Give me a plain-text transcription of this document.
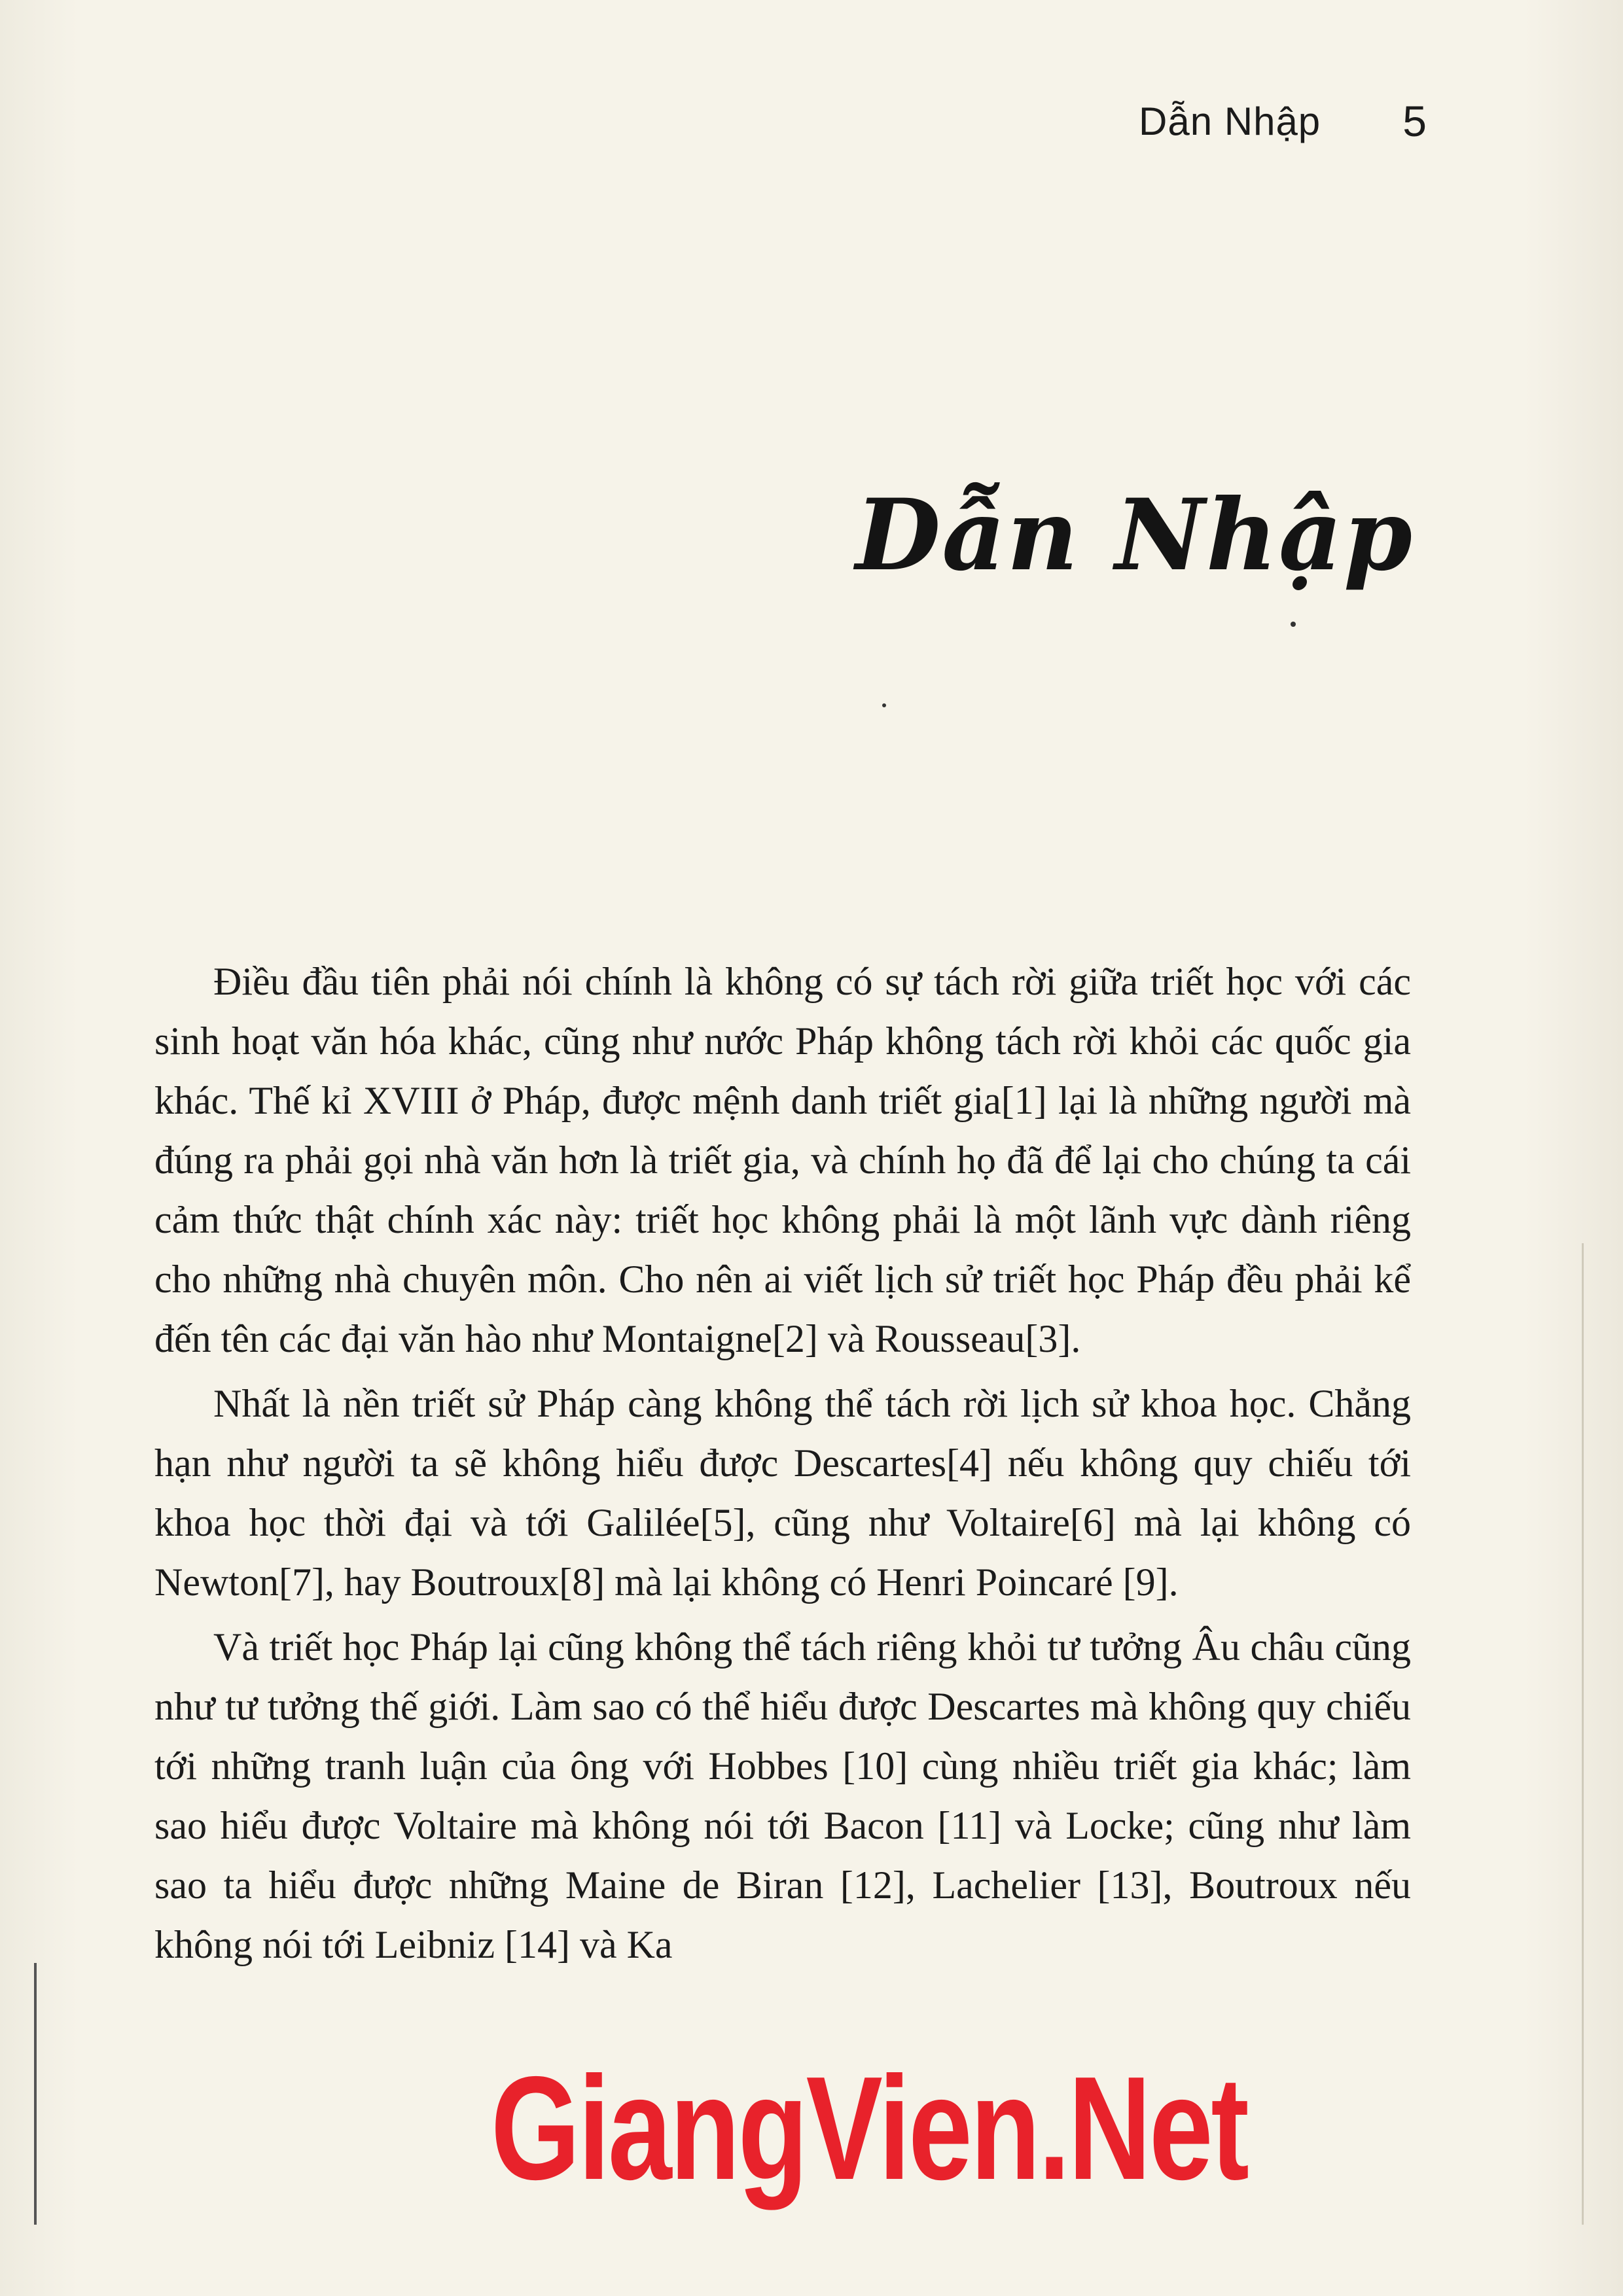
Dẫn Nhập 5
Dẫn Nhập

Điều đầu tiên phải nói chính là không có sự tách rời giữa triết học với các sinh hoạt văn hóa khác, cũng như nước Pháp không tách rời khỏi các quốc gia khác. Thế kỉ XVIII ở Pháp, được mệnh danh triết gia[1] lại là những người mà đúng ra phải gọi nhà văn hơn là triết gia, và chính họ đã để lại cho chúng ta cái cảm thức thật chính xác này: triết học không phải là một lãnh vực dành riêng cho những nhà chuyên môn. Cho nên ai viết lịch sử triết học Pháp đều phải kể đến tên các đại văn hào như Montaigne[2] và Rousseau[3].

Nhất là nền triết sử Pháp càng không thể tách rời lịch sử khoa học. Chẳng hạn như người ta sẽ không hiểu được Descartes[4] nếu không quy chiếu tới khoa học thời đại và tới Galilée[5], cũng như Voltaire[6] mà lại không có Newton[7], hay Boutroux[8] mà lại không có Henri Poincaré [9].

Và triết học Pháp lại cũng không thể tách riêng khỏi tư tưởng Âu châu cũng như tư tưởng thế giới. Làm sao có thể hiểu được Descartes mà không quy chiếu tới những tranh luận của ông với Hobbes [10] cùng nhiều triết gia khác; làm sao hiểu được Voltaire mà không nói tới Bacon [11] và Locke; cũng như làm sao ta hiểu được những Maine de Biran [12], Lachelier [13], Boutroux nếu không nói tới Leibniz [14] và Ka

GiangVien.Net
